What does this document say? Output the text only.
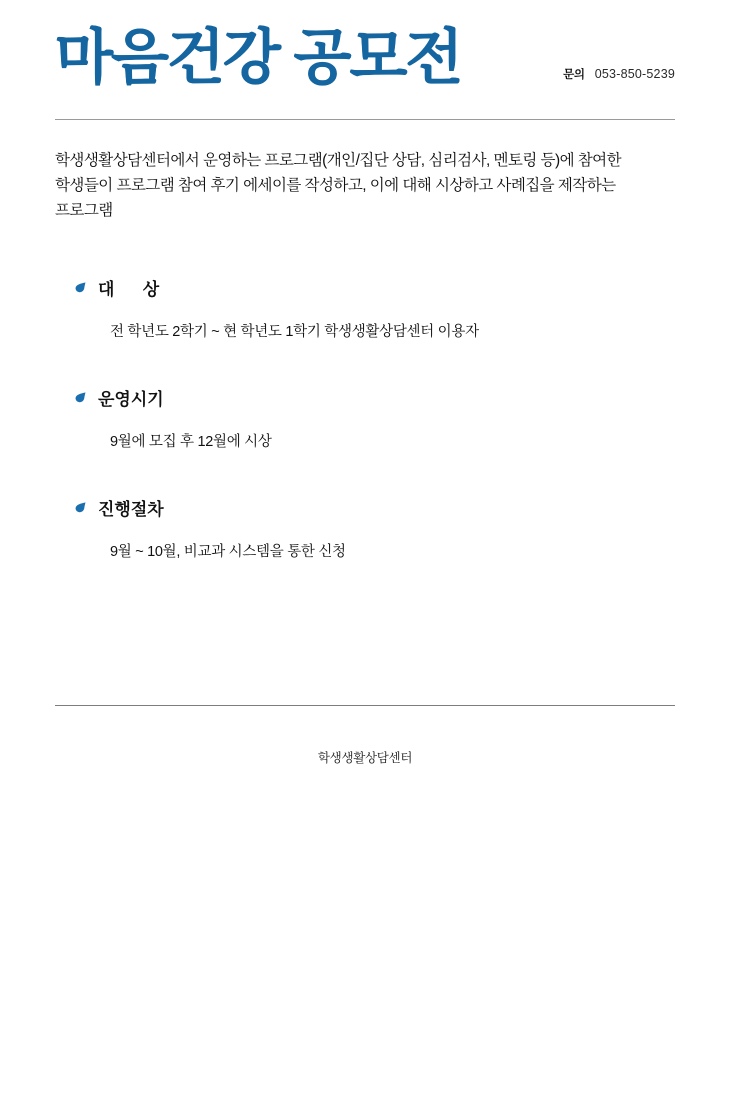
마음건강 공모전	문의 053-850-5239
학생생활상담센터에서 운영하는 프로그램(개인/집단 상담, 심리검사, 멘토링 등)에 참여한 학생들이 프로그램 참여 후기 에세이를 작성하고, 이에 대해 시상하고 사례집을 제작하는 프로그램
대      상
전 학년도 2학기 ~ 현 학년도 1학기 학생생활상담센터 이용자
운영시기
9월에 모집 후 12월에 시상
진행절차
9월 ~ 10월, 비교과 시스템을 통한 신청
학생생활상담센터
